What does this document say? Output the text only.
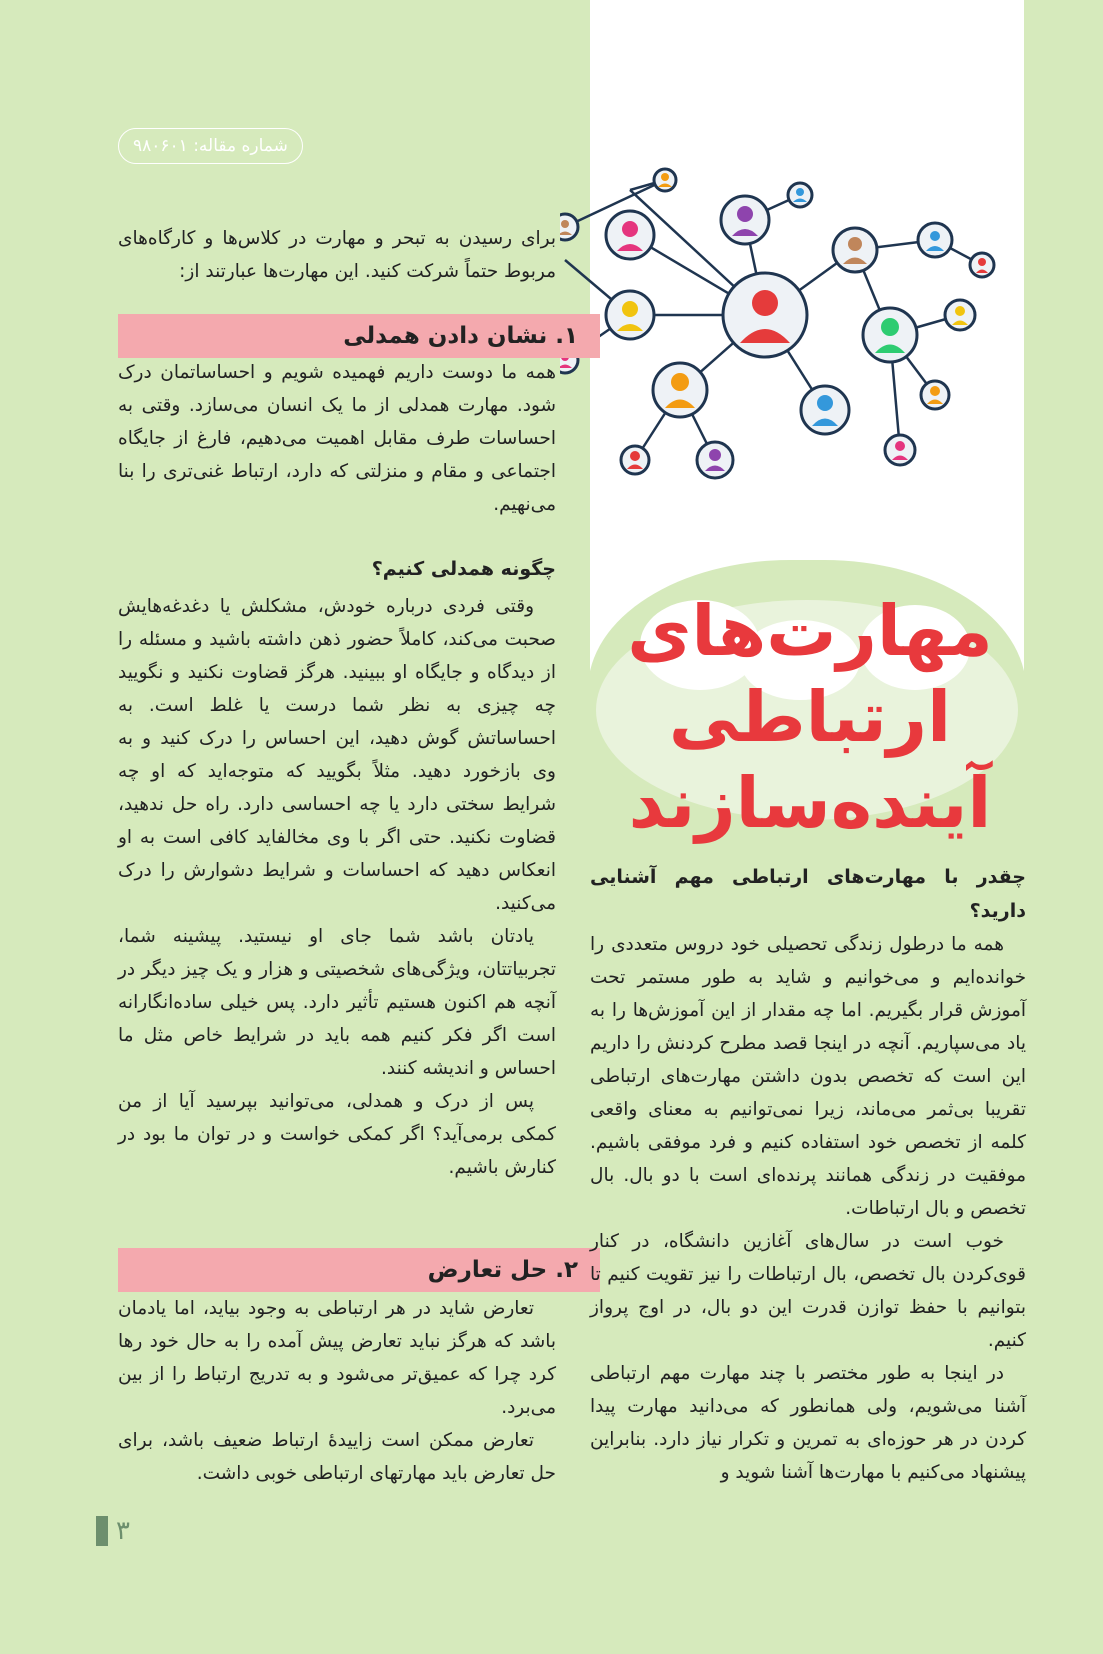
شماره مقاله: ۹۸۰۶۰۱
مهارت‌های
ارتباطی
آینده‌ساز‌ند

برای رسیدن به تبحر و مهارت در کلاس‌ها و کارگاه‌های مربوط حتماً شرکت کنید. این مهارت‌ها عبارتند از:

۱. نشان دادن همدلی

همه ما دوست داریم فهمیده شویم و احساساتمان درک شود. مهارت همدلی از ما یک انسان می‌سازد. وقتی به احساسات طرف مقابل اهمیت می‌دهیم، فارغ از جایگاه اجتماعی و مقام و منزلتی که دارد، ارتباط غنی‌تری را بنا می‌نهیم.

چگونه همدلی کنیم؟

وقتی فردی درباره خودش، مشکلش یا دغدغه‌هایش صحبت می‌کند، کاملاً حضور ذهن داشته باشید و مسئله را از دیدگاه و جایگاه او ببینید. هرگز قضاوت نکنید و نگویید چه چیزی به نظر شما درست یا غلط است. به احساساتش گوش دهید، این احساس را درک کنید و به وی بازخورد دهید. مثلاً بگویید که متوجه‌اید که او چه شرایط سختی دارد یا چه احساسی دارد. راه حل ندهید، قضاوت نکنید. حتی اگر با وی مخالفاید کافی است به او انعکاس دهید که احساسات و شرایط دشوارش را درک می‌کنید.

یادتان باشد شما جای او نیستید. پیشینه شما، تجربیاتتان، ویژگی‌های شخصیتی و هزار و یک چیز دیگر در آنچه هم اکنون هستیم تأثیر دارد. پس خیلی ساده‌انگارانه است اگر فکر کنیم همه باید در شرایط خاص مثل ما احساس و اندیشه کنند.

پس از درک و همدلی، می‌توانید بپرسید آیا از من کمکی برمی‌آید؟ اگر کمکی خواست و در توان ما بود در کنارش باشیم.

۲. حل تعارض

تعارض شاید در هر ارتباطی به وجود بیاید، اما یادمان باشد که هرگز نباید تعارض پیش آمده را به حال خود رها کرد چرا که عمیق‌تر می‌شود و به تدریج ارتباط را از بین می‌برد.

تعارض ممکن است زاییدهٔ ارتباط ضعیف باشد، برای حل تعارض باید مهارتهای ارتباطی خوبی داشت.

چقدر با مهارت‌های ارتباطی مهم آشنایی دارید؟

همه ما درطول زندگی تحصیلی خود دروس متعددی را خوانده‌ایم و می‌خوانیم و شاید به طور مستمر تحت آموزش قرار بگیریم. اما چه مقدار از این آموزش‌ها را به یاد می‌سپاریم. آنچه در اینجا قصد مطرح کردنش را داریم این است که تخصص بدون داشتن مهارت‌های ارتباطی تقریبا بی‌ثمر می‌ماند، زیرا نمی‌توانیم به معنای واقعی کلمه از تخصص خود استفاده کنیم و فرد موفقی باشیم. موفقیت در زندگی همانند پرنده‌ای است با دو بال. بال تخصص و بال ارتباطات.

خوب است در سال‌های آغازین دانشگاه، در کنار قوی‌کردن بال تخصص، بال ارتباطات را نیز تقویت کنیم تا بتوانیم با حفظ توازن قدرت این دو بال، در اوج پرواز کنیم.

در اینجا به طور مختصر با چند مهارت مهم ارتباطی آشنا می‌شویم، ولی همانطور که می‌دانید مهارت پیدا کردن در هر حوزه‌ای به تمرین و تکرار نیاز دارد. بنابراین پیشنهاد می‌کنیم با مهارت‌ها آشنا شوید و

۳
